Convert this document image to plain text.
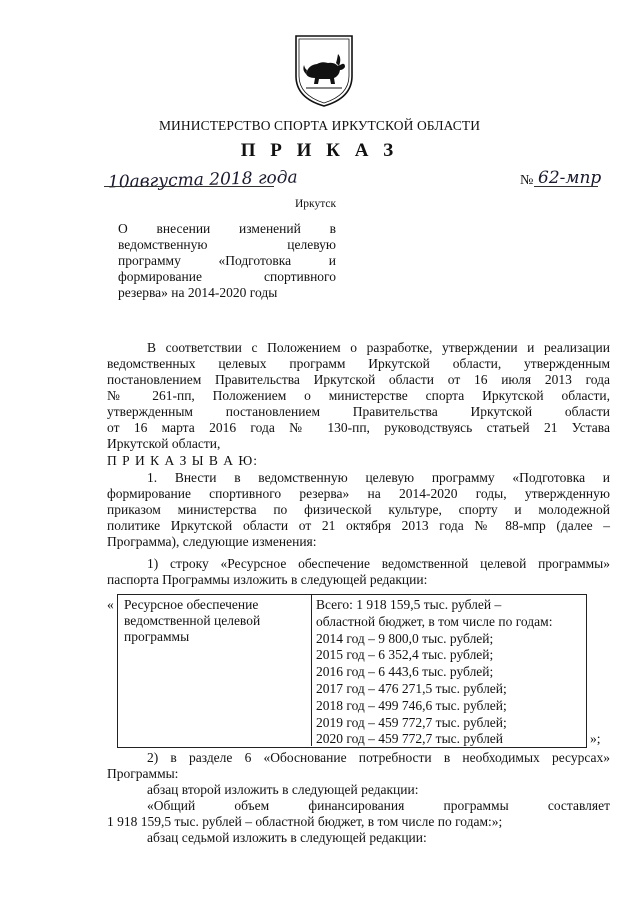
МИНИСТЕРСТВО СПОРТА ИРКУТСКОЙ ОБЛАСТИ
П Р И К А З
10августа 2018 года	№ 62-мпр
Иркутск
О внесении изменений в
ведомственную целевую
программу «Подготовка и
формирование спортивного
резерва» на 2014-2020 годы
В соответствии с Положением о разработке, утверждении и реализации
ведомственных целевых программ Иркутской области, утвержденным
постановлением Правительства Иркутской области от 16 июля 2013 года
№ 261-пп, Положением о министерстве спорта Иркутской области,
утвержденным постановлением Правительства Иркутской области
от 16 марта 2016 года № 130-пп, руководствуясь статьей 21 Устава
Иркутской области,
П Р И К А З Ы В А Ю:
1. Внести в ведомственную целевую программу «Подготовка и
формирование спортивного резерва» на 2014-2020 годы, утвержденную
приказом министерства по физической культуре, спорту и молодежной
политике Иркутской области от 21 октября 2013 года № 88-мпр (далее –
Программа), следующие изменения:
1) строку «Ресурсное обеспечение ведомственной целевой программы»
паспорта Программы изложить в следующей редакции:
« Ресурсное обеспечение
ведомственной целевой
программы
Всего: 1 918 159,5 тыс. рублей –
областной бюджет, в том числе по годам:
2014 год – 9 800,0 тыс. рублей;
2015 год – 6 352,4 тыс. рублей;
2016 год – 6 443,6 тыс. рублей;
2017 год – 476 271,5 тыс. рублей;
2018 год – 499 746,6 тыс. рублей;
2019 год – 459 772,7 тыс. рублей;
2020 год – 459 772,7 тыс. рублей	»;
2) в разделе 6 «Обоснование потребности в необходимых ресурсах»
Программы:
абзац второй изложить в следующей редакции:
«Общий объем финансирования программы составляет
1 918 159,5 тыс. рублей – областной бюджет, в том числе по годам:»;
абзац седьмой изложить в следующей редакции:
